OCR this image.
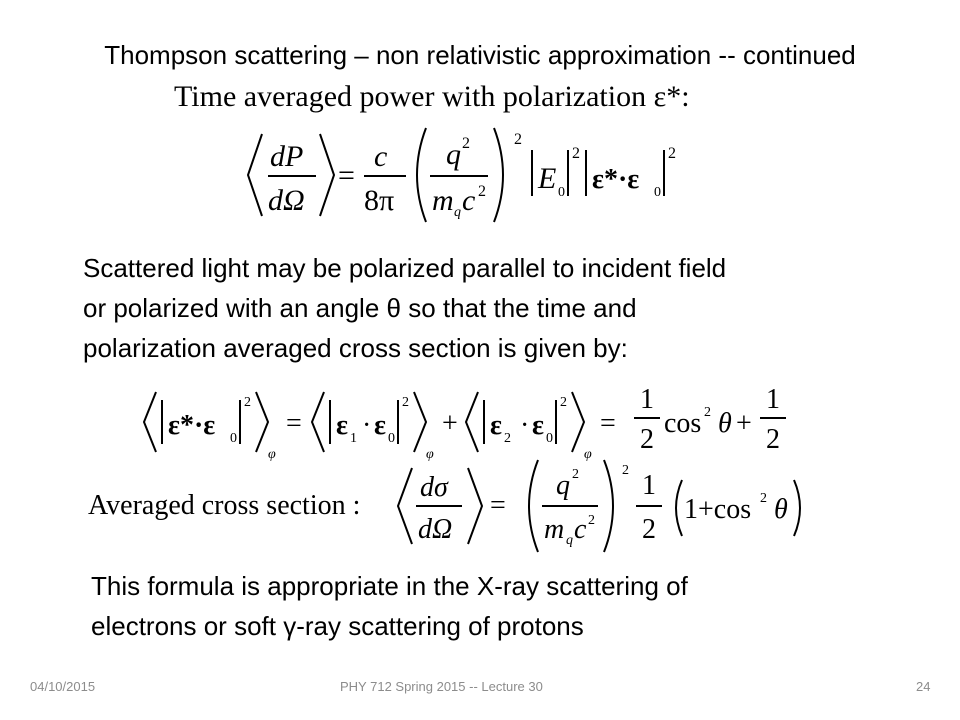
Thompson scattering – non relativistic approximation -- continued
Time averaged power with polarization ε*:
dP
dΩ
=
c
8π
q 2
m q c 2
2
E 0
2
ε*·ε 0
2
Scattered light may be polarized parallel to incident field
or polarized with an angle θ so that the time and
polarization averaged cross section is given by:
ε*·ε 0
2
φ
= ε 1 · ε 0
2
φ
+ ε 2 · ε 0
2
φ
=
1
2
cos 2 θ +
1
2
Averaged cross section :
dσ
dΩ
=
q 2
m q c 2
2 1
2
1+cos 2 θ
This formula is appropriate in the X-ray scattering of
electrons or soft γ-ray scattering of protons
04/10/2015	PHY 712 Spring 2015 -- Lecture 30	24
